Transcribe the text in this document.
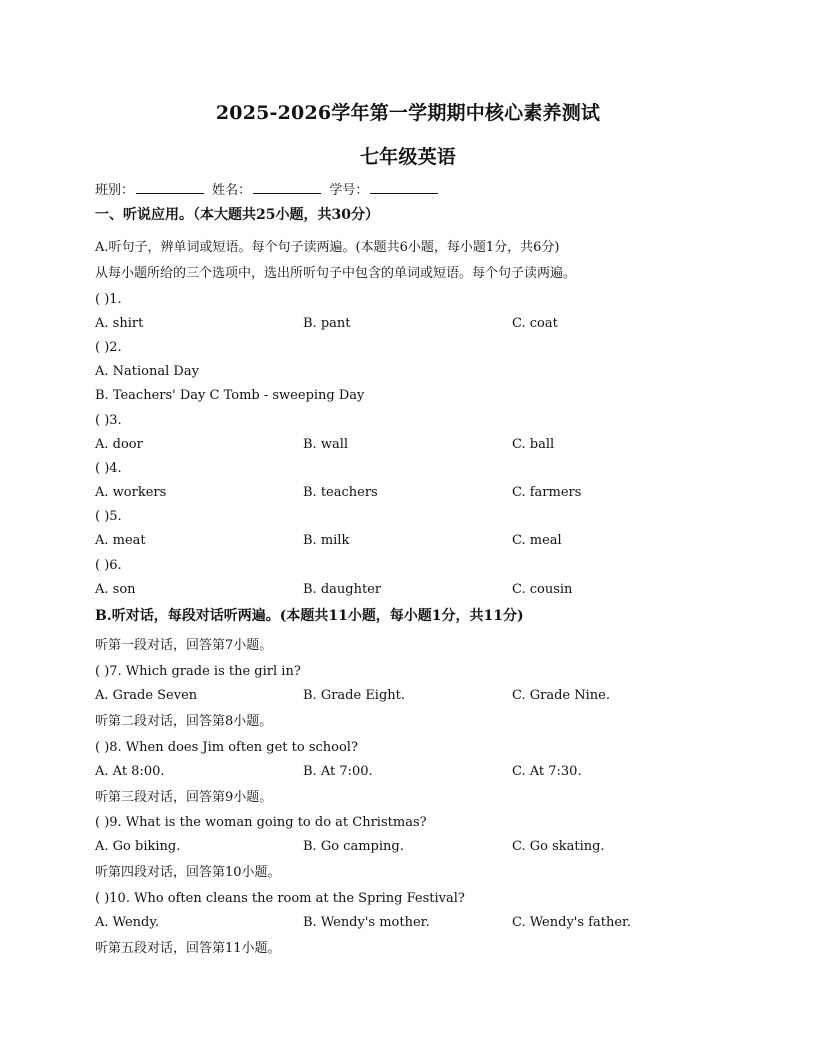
2025-2026学年第一学期期中核心素养测试
七年级英语
班别：	姓名：	学号：
一、听说应用。（本大题共25小题，共30分）
A.听句子，辨单词或短语。每个句子读两遍。(本题共6小题，每小题1分，共6分)
从每小题所给的三个选项中，选出所听句子中包含的单词或短语。每个句子读两遍。
( )1.
A. shirt	B. pant	C. coat
( )2.
A. National Day
B. Teachers' Day C Tomb - sweeping Day
( )3.
A. door	B. wall	C. ball
( )4.
A. workers	B. teachers	C. farmers
( )5.
A. meat	B. milk	C. meal
( )6.
A. son	B. daughter	C. cousin
B.听对话，每段对话听两遍。(本题共11小题，每小题1分，共11分)
听第一段对话，回答第7小题。
( )7. Which grade is the girl in?
A. Grade Seven	B. Grade Eight.	C. Grade Nine.
听第二段对话，回答第8小题。
( )8. When does Jim often get to school?
A. At 8:00.	B. At 7:00.	C. At 7:30.
听第三段对话，回答第9小题。
( )9. What is the woman going to do at Christmas?
A. Go biking.	B. Go camping.	C. Go skating.
听第四段对话，回答第10小题。
( )10. Who often cleans the room at the Spring Festival?
A. Wendy.	B. Wendy's mother.	C. Wendy's father.
听第五段对话，回答第11小题。
